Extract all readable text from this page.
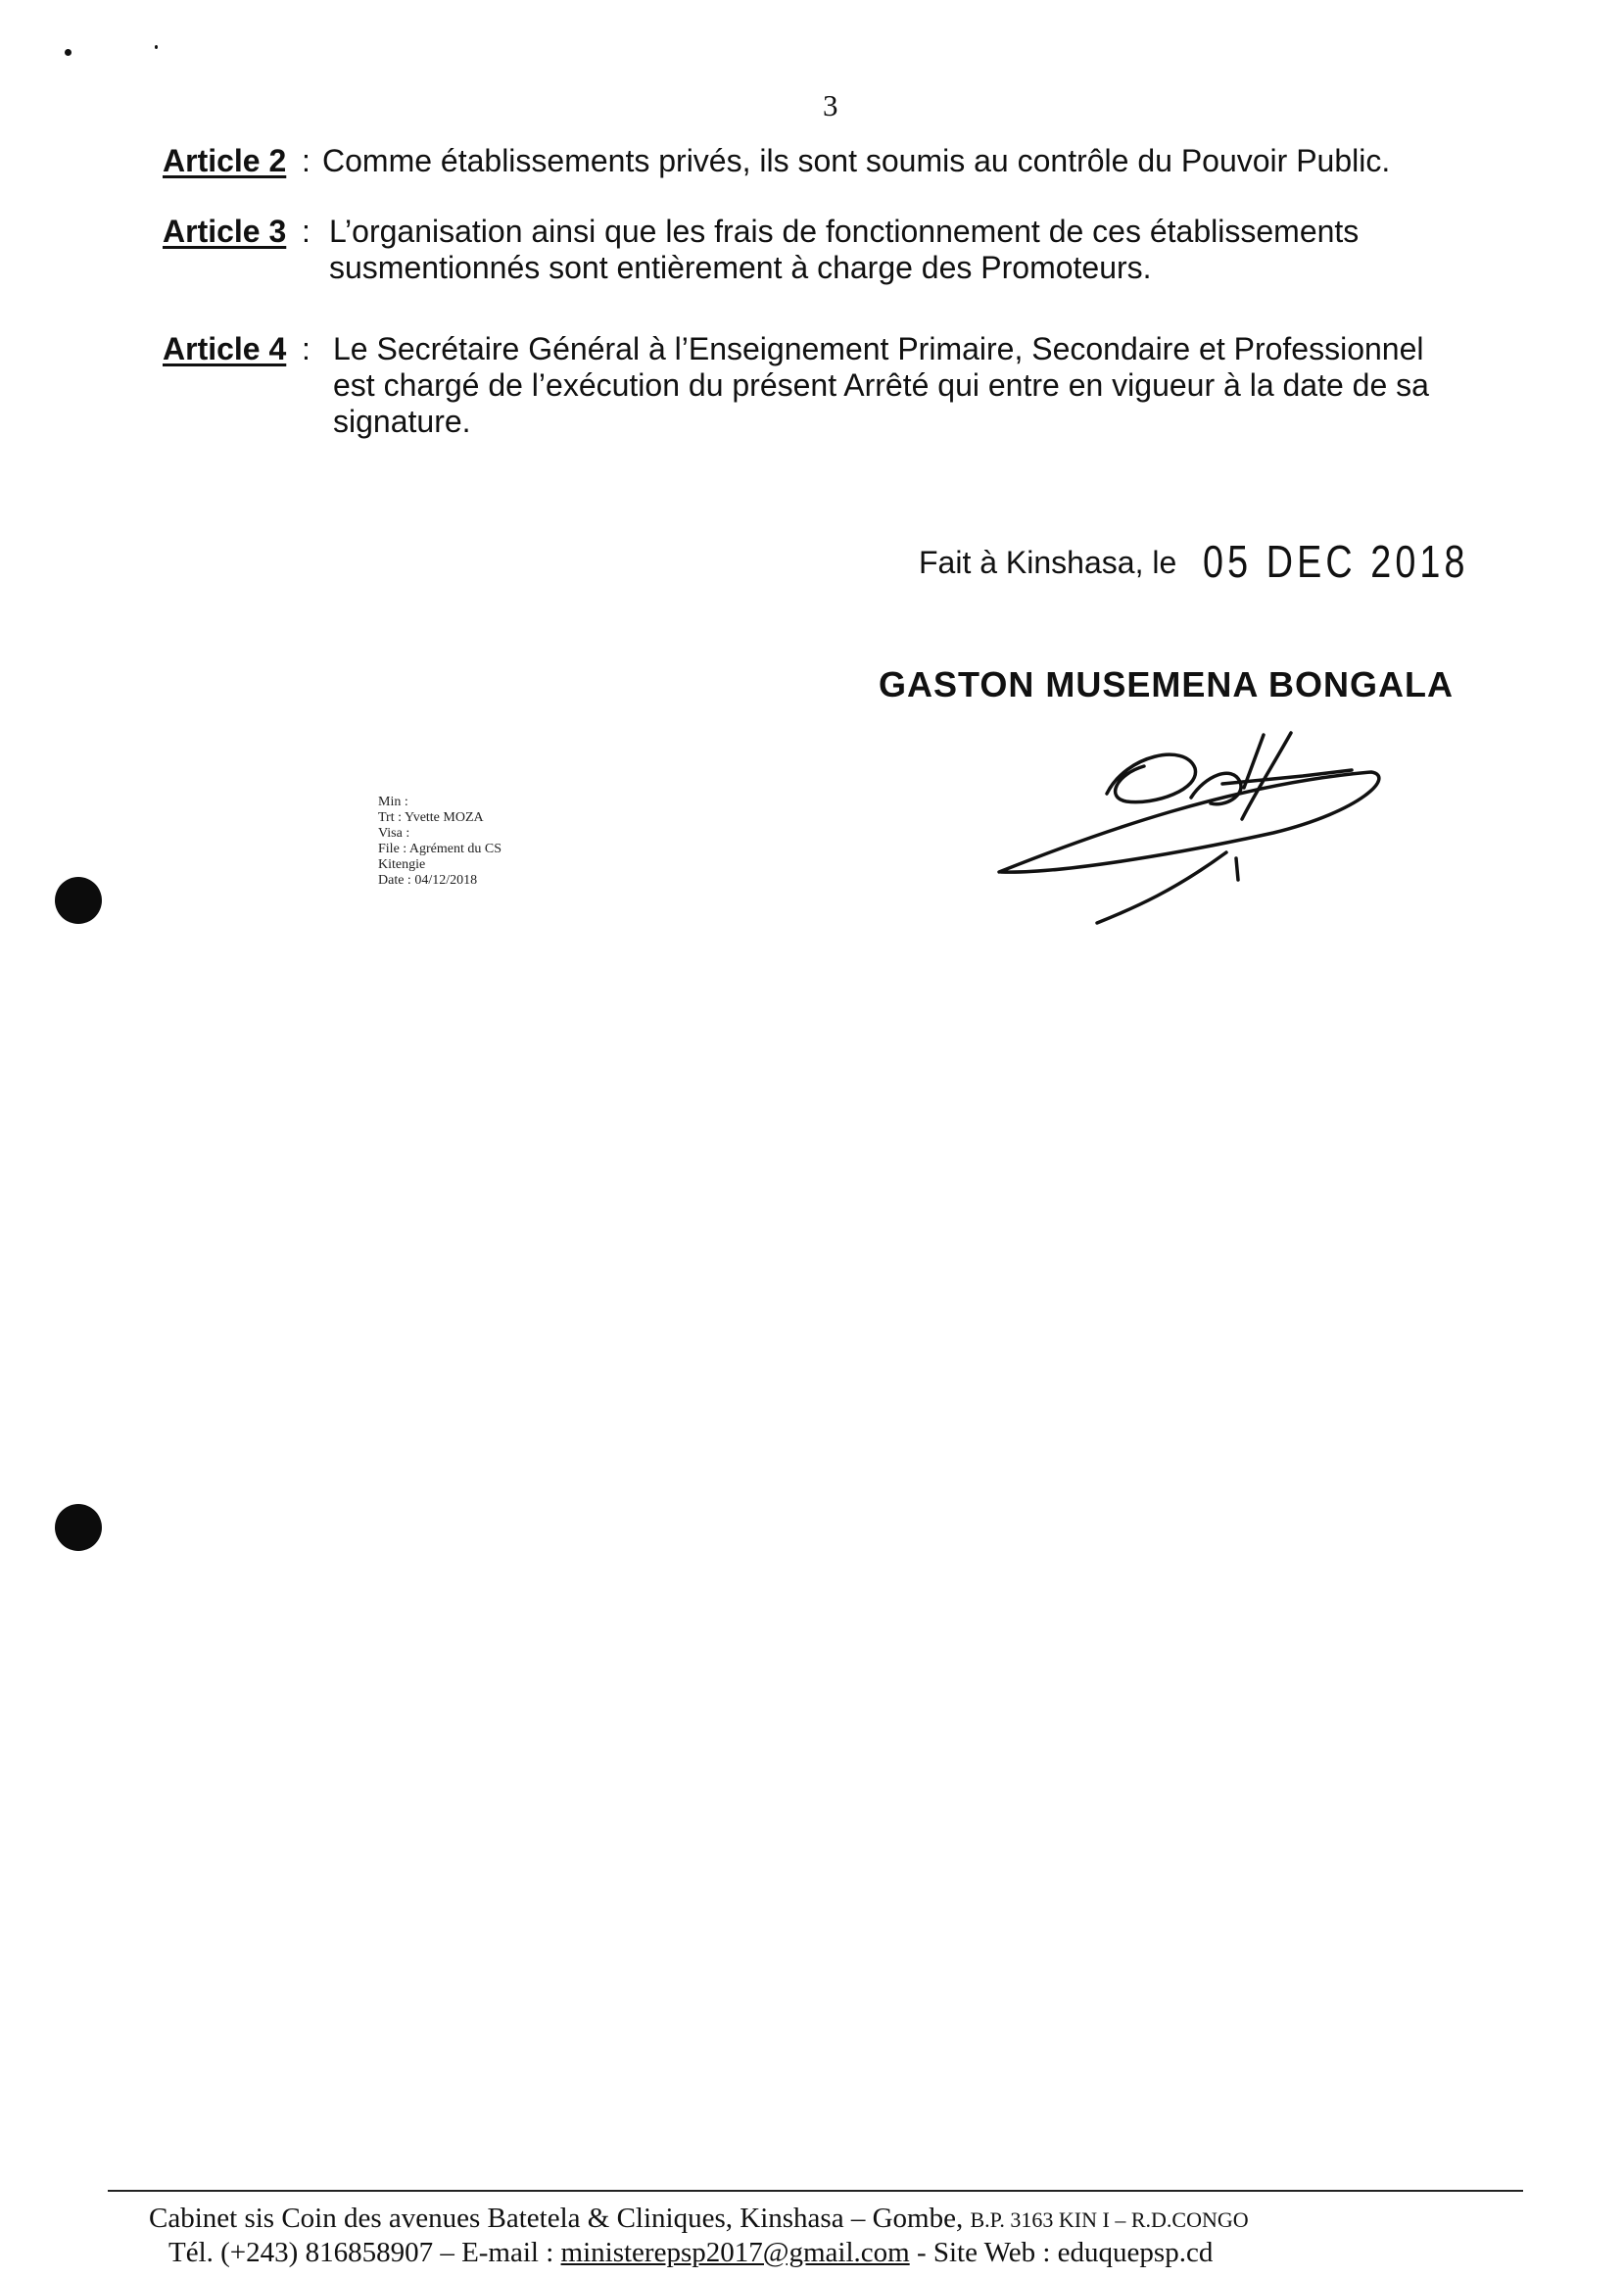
3
Article 2 : Comme établissements privés, ils sont soumis au contrôle du Pouvoir Public.
Article 3 : L’organisation ainsi que les frais de fonctionnement de ces établissements
susmentionnés sont entièrement à charge des Promoteurs.
Article 4 : Le Secrétaire Général à l’Enseignement Primaire, Secondaire et Professionnel
est chargé de l’exécution du présent Arrêté qui entre en vigueur à la date de sa
signature.
Fait à Kinshasa, le 05 DEC 2018
GASTON MUSEMENA BONGALA
Min :
Trt : Yvette MOZA
Visa :
File : Agrément du CS
Kitengie
Date : 04/12/2018
Cabinet sis Coin des avenues Batetela & Cliniques, Kinshasa – Gombe, B.P. 3163 KIN I – R.D.CONGO
Tél. (+243) 816858907 – E-mail : ministerepsp2017@gmail.com - Site Web : eduquepsp.cd
